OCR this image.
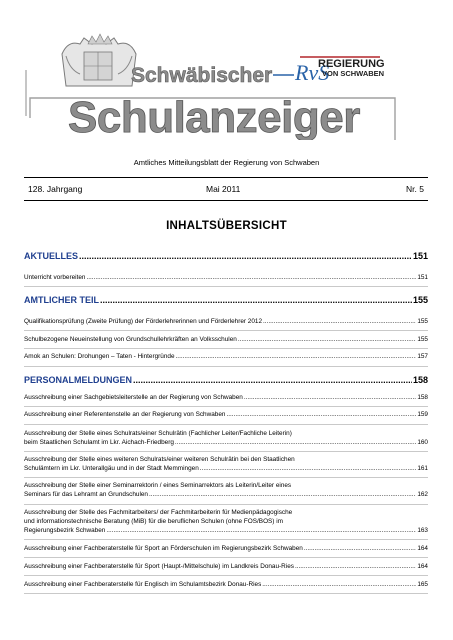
Schwäbischer RvS
REGIERUNG
VON SCHWABEN
Schulanzeiger
Amtliches Mitteilungsblatt der Regierung von Schwaben
128. Jahrgang	Mai 2011	Nr. 5
INHALTSÜBERSICHT
AKTUELLES .....	151
Unterricht vorbereiten .....	151
AMTLICHER TEIL .....	155
Qualifikationsprüfung (Zweite Prüfung) der Förderlehrerinnen und Förderlehrer 2012 .....	155
Schulbezogene Neueinstellung von Grundschullehrkräften an Volksschulen .....	155
Amok an Schulen: Drohungen – Taten - Hintergründe .....	157
PERSONALMELDUNGEN .....	158
Ausschreibung einer Sachgebietsleiterstelle an der Regierung von Schwaben .....	158
Ausschreibung einer Referentenstelle an der Regierung von Schwaben .....	159
Ausschreibung der Stelle eines Schulrats/einer Schulrätin (Fachlicher Leiter/Fachliche Leiterin)
beim Staatlichen Schulamt im Lkr. Aichach-Friedberg .....	160
Ausschreibung der Stelle eines weiteren Schulrats/einer weiteren Schulrätin bei den Staatlichen
Schulämtern im Lkr. Unterallgäu und in der Stadt Memmingen .....	161
Ausschreibung der Stelle einer Seminarrektorin / eines Seminarrektors als Leiterin/Leiter eines
Seminars für das Lehramt an Grundschulen .....	162
Ausschreibung der Stelle des Fachmitarbeiters/ der Fachmitarbeiterin für Medienpädagogische
und informationstechnische Beratung (MiB) für die beruflichen Schulen (ohne FOS/BOS) im
Regierungsbezirk Schwaben .....	163
Ausschreibung einer Fachberaterstelle für Sport an Förderschulen im Regierungsbezirk Schwaben .....	164
Ausschreibung einer Fachberaterstelle für Sport (Haupt-/Mittelschule) im Landkreis Donau-Ries .....	164
Ausschreibung einer Fachberaterstelle für Englisch im Schulamtsbezirk Donau-Ries .....	165
